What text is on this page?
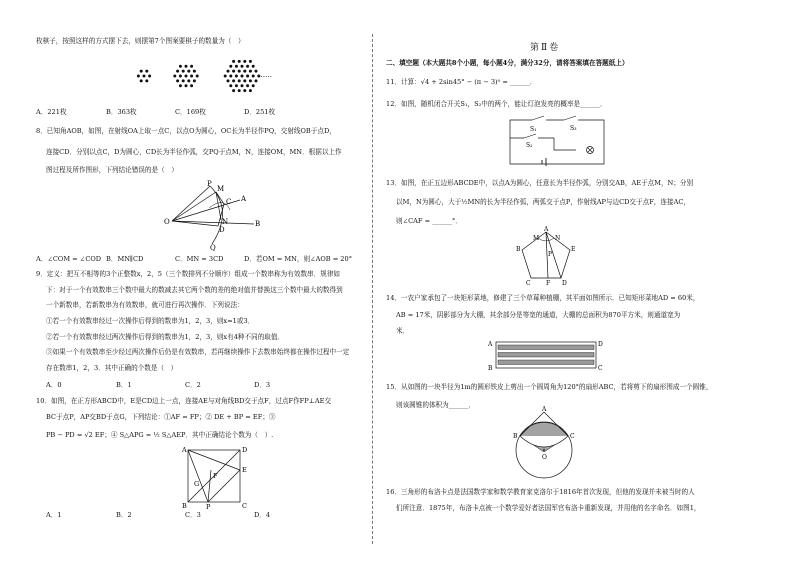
枚棋子，按照这样的方式摆下去，则摆第7个图案要棋子的数量为（　）
……
A．221枚	B．363枚	C．169枚	D．251枚
8．已知角AOB，如图，在射线OA上取一点C，以点O为圆心，OC长为半径作PQ，交射线OB于点D，
连接CD．分别以点C，D为圆心，CD长为半径作弧，交PQ于点M，N，连接OM，MN．根据以上作
图过程及所作图形，下列结论错误的是（　）
P
M
C A
N
D
Q
B
O
A．∠COM = ∠COD B．MN∥CD	C．MN = 3CD	D．若OM = MN，则∠AOB = 20°
9．定义：把互不相等的3个正整数x，2，5（三个数排列不分顺序）组成一个数串称为有效数串．规律如
下：对于一个有效数串三个数中最大的数减去其它两个数的差的绝对值并替换这三个数中最大的数得到
一个新数串，若新数串为有效数串，就可进行再次操作．下列说法：
①若一个有效数串经过一次操作后得到的数串为1，2，3，则x=1或3．
②若一个有效数串经过两次操作后得到的数串为1，2，3，则x有4种不同的取值．
③如果一个有效数串至少经过两次操作后仍是有效数串，若再继续操作下去数串始终都在操作过程中一定
存在数串1，2，3．其中正确的个数是（　）
A．0	B．1	C．2	D．3
10．如图，在正方形ABCD中，E是CD边上一点，连接AE与对角线BD交于点F，过点F作FP⊥AE交
BC于点P，AP交BD于点G，下列结论：①AF = FP；② DE + BP = EF；③
PB − PD = √2 EF；④ S△APG = ½ S△AEP．其中正确结论个数为（　）.
A	D
E
G
F
B	P	C
A．1	B．2	C．3	D．4
第Ⅱ卷
二、填空题（本大题共8个小题，每小题4分，满分32分，请将答案填在答题纸上）
11．计算：√4 + 2sin45° − (π − 3)⁰ = ______．
12．如图，随机闭合开关S₁，S₂中的两个，能让灯泡发亮的概率是______．
S₁	S₃
S₂
13．如图，在正五边形ABCDE中，以点A为圆心，任意长为半径作弧，分别交AB，AE于点M，N；分别
以M，N为圆心，大于½MN的长为半径作弧，两弧交于点P，作射线AP与边CD交于点F，连接AC，
则∠CAF = ______°．
A
M	N
E
B
P
C	F D
14．一农户家承包了一块矩形菜地，修建了三个草莓种植棚，其平面如图所示．已知矩形菜地AD = 60米，
AB = 17米，阴影部分为大棚，其余部分是等宽的通道，大棚的总面积为870平方米，则通道宽为
米．
A	D
B	C
15．从如图的一块半径为1m的圆形铁皮上剪出一个圆周角为120°的扇形ABC，若将剪下的扇形围成一个圆锥，
则该圆锥的体积为______．
A
B	C
O
16．三角形的布洛卡点是法国数学家和数学教育家克洛尔于1816年首次发现，但他的发现并未被当时的人
们所注意．1875年，布洛卡点被一个数学爱好者法国军官布洛卡重新发现，并用他的名字命名．如图1，
